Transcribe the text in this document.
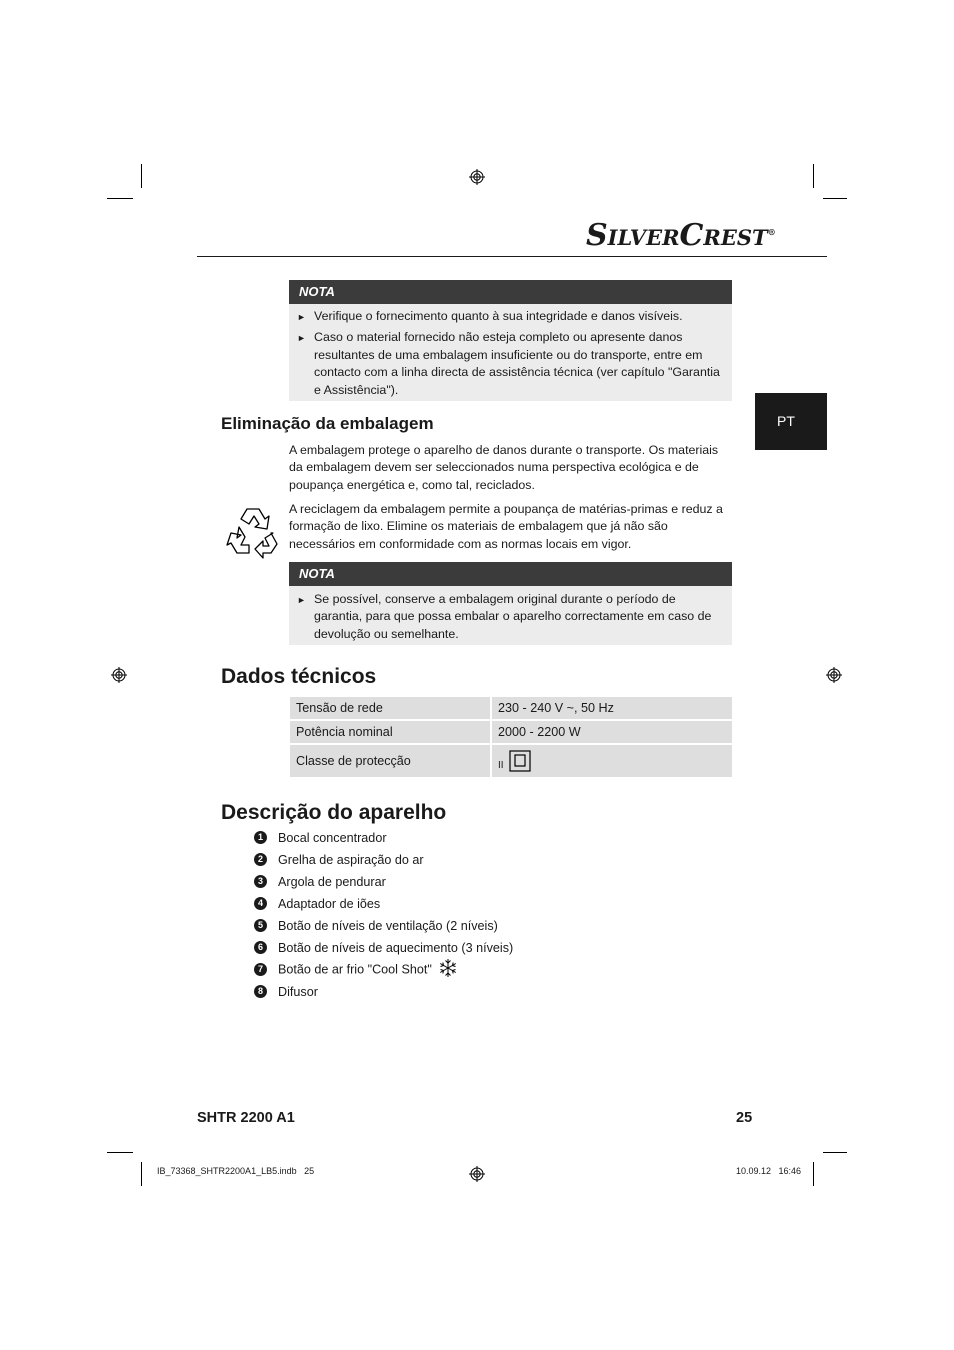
SILVERCREST®
PT
NOTA
► Verifique o fornecimento quanto à sua integridade e danos visíveis.
► Caso o material fornecido não esteja completo ou apresente danos resultantes de uma embalagem insuficiente ou do transporte, entre em contacto com a linha directa de assistência técnica (ver capítulo "Garantia e Assistência").
Eliminação da embalagem
A embalagem protege o aparelho de danos durante o transporte. Os materiais da embalagem devem ser seleccionados numa perspectiva ecológica e de poupança energética e, como tal, reciclados.
A reciclagem da embalagem permite a poupança de matérias-primas e reduz a formação de lixo. Elimine os materiais de embalagem que já não são necessários em conformidade com as normas locais em vigor.
NOTA
► Se possível, conserve a embalagem original durante o período de garantia, para que possa embalar o aparelho correctamente em caso de devolução ou semelhante.
Dados técnicos
Tensão de rede	230 - 240 V ~, 50 Hz
Potência nominal	2000 - 2200 W
Classe de protecção	$_{II}$
Descrição do aparelho
1 Bocal concentrador
2 Grelha de aspiração do ar
3 Argola de pendurar
4 Adaptador de iões
5 Botão de níveis de ventilação (2 níveis)
6 Botão de níveis de aquecimento (3 níveis)
7 Botão de ar frio "Cool Shot"
8 Difusor
SHTR 2200 A1	25
IB_73368_SHTR2200A1_LB5.indb   25	10.09.12   16:46
